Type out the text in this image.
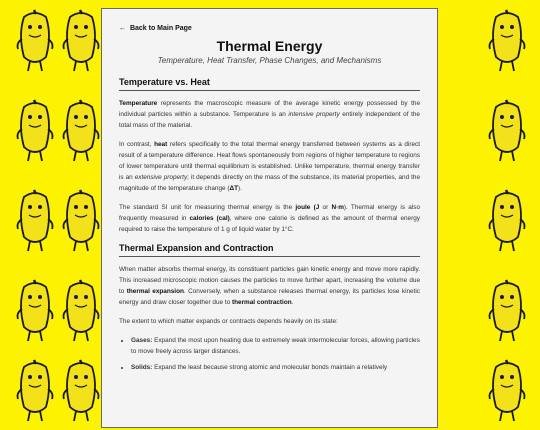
← Back to Main Page
Thermal Energy
Temperature, Heat Transfer, Phase Changes, and Mechanisms
Temperature vs. Heat

Temperature represents the macroscopic measure of the average kinetic energy possessed by the individual particles within a substance. Temperature is an intensive property entirely independent of the total mass of the material.

In contrast, heat refers specifically to the total thermal energy transferred between systems as a direct result of a temperature difference. Heat flows spontaneously from regions of higher temperature to regions of lower temperature until thermal equilibrium is established. Unlike temperature, thermal energy transfer is an extensive property; it depends directly on the mass of the substance, its material properties, and the magnitude of the temperature change (ΔT).

The standard SI unit for measuring thermal energy is the joule (J or N·m). Thermal energy is also frequently measured in calories (cal), where one calorie is defined as the amount of thermal energy required to raise the temperature of 1 g of liquid water by 1°C.

Thermal Expansion and Contraction

When matter absorbs thermal energy, its constituent particles gain kinetic energy and move more rapidly. This increased microscopic motion causes the particles to move further apart, increasing the volume due to thermal expansion. Conversely, when a substance releases thermal energy, its particles lose kinetic energy and draw closer together due to thermal contraction.

The extent to which matter expands or contracts depends heavily on its state:

• Gases: Expand the most upon heating due to extremely weak intermolecular forces, allowing particles to move freely across larger distances.
• Solids: Expand the least because strong atomic and molecular bonds maintain a relatively
